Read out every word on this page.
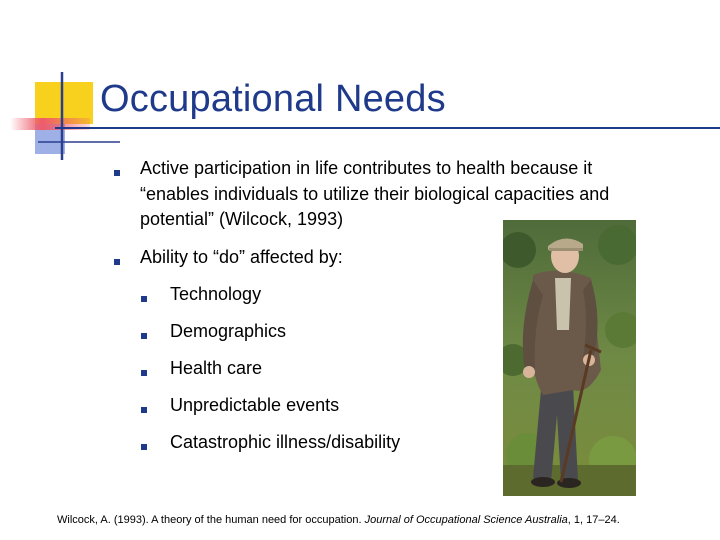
Occupational Needs
Active participation in life contributes to health because it
“enables individuals to utilize their biological capacities and
potential” (Wilcock, 1993)
Ability to “do” affected by:
Technology
Demographics
Health care
Unpredictable events
Catastrophic illness/disability
Wilcock, A. (1993). A theory of the human need for occupation. Journal of Occupational Science Australia, 1, 17–24.
